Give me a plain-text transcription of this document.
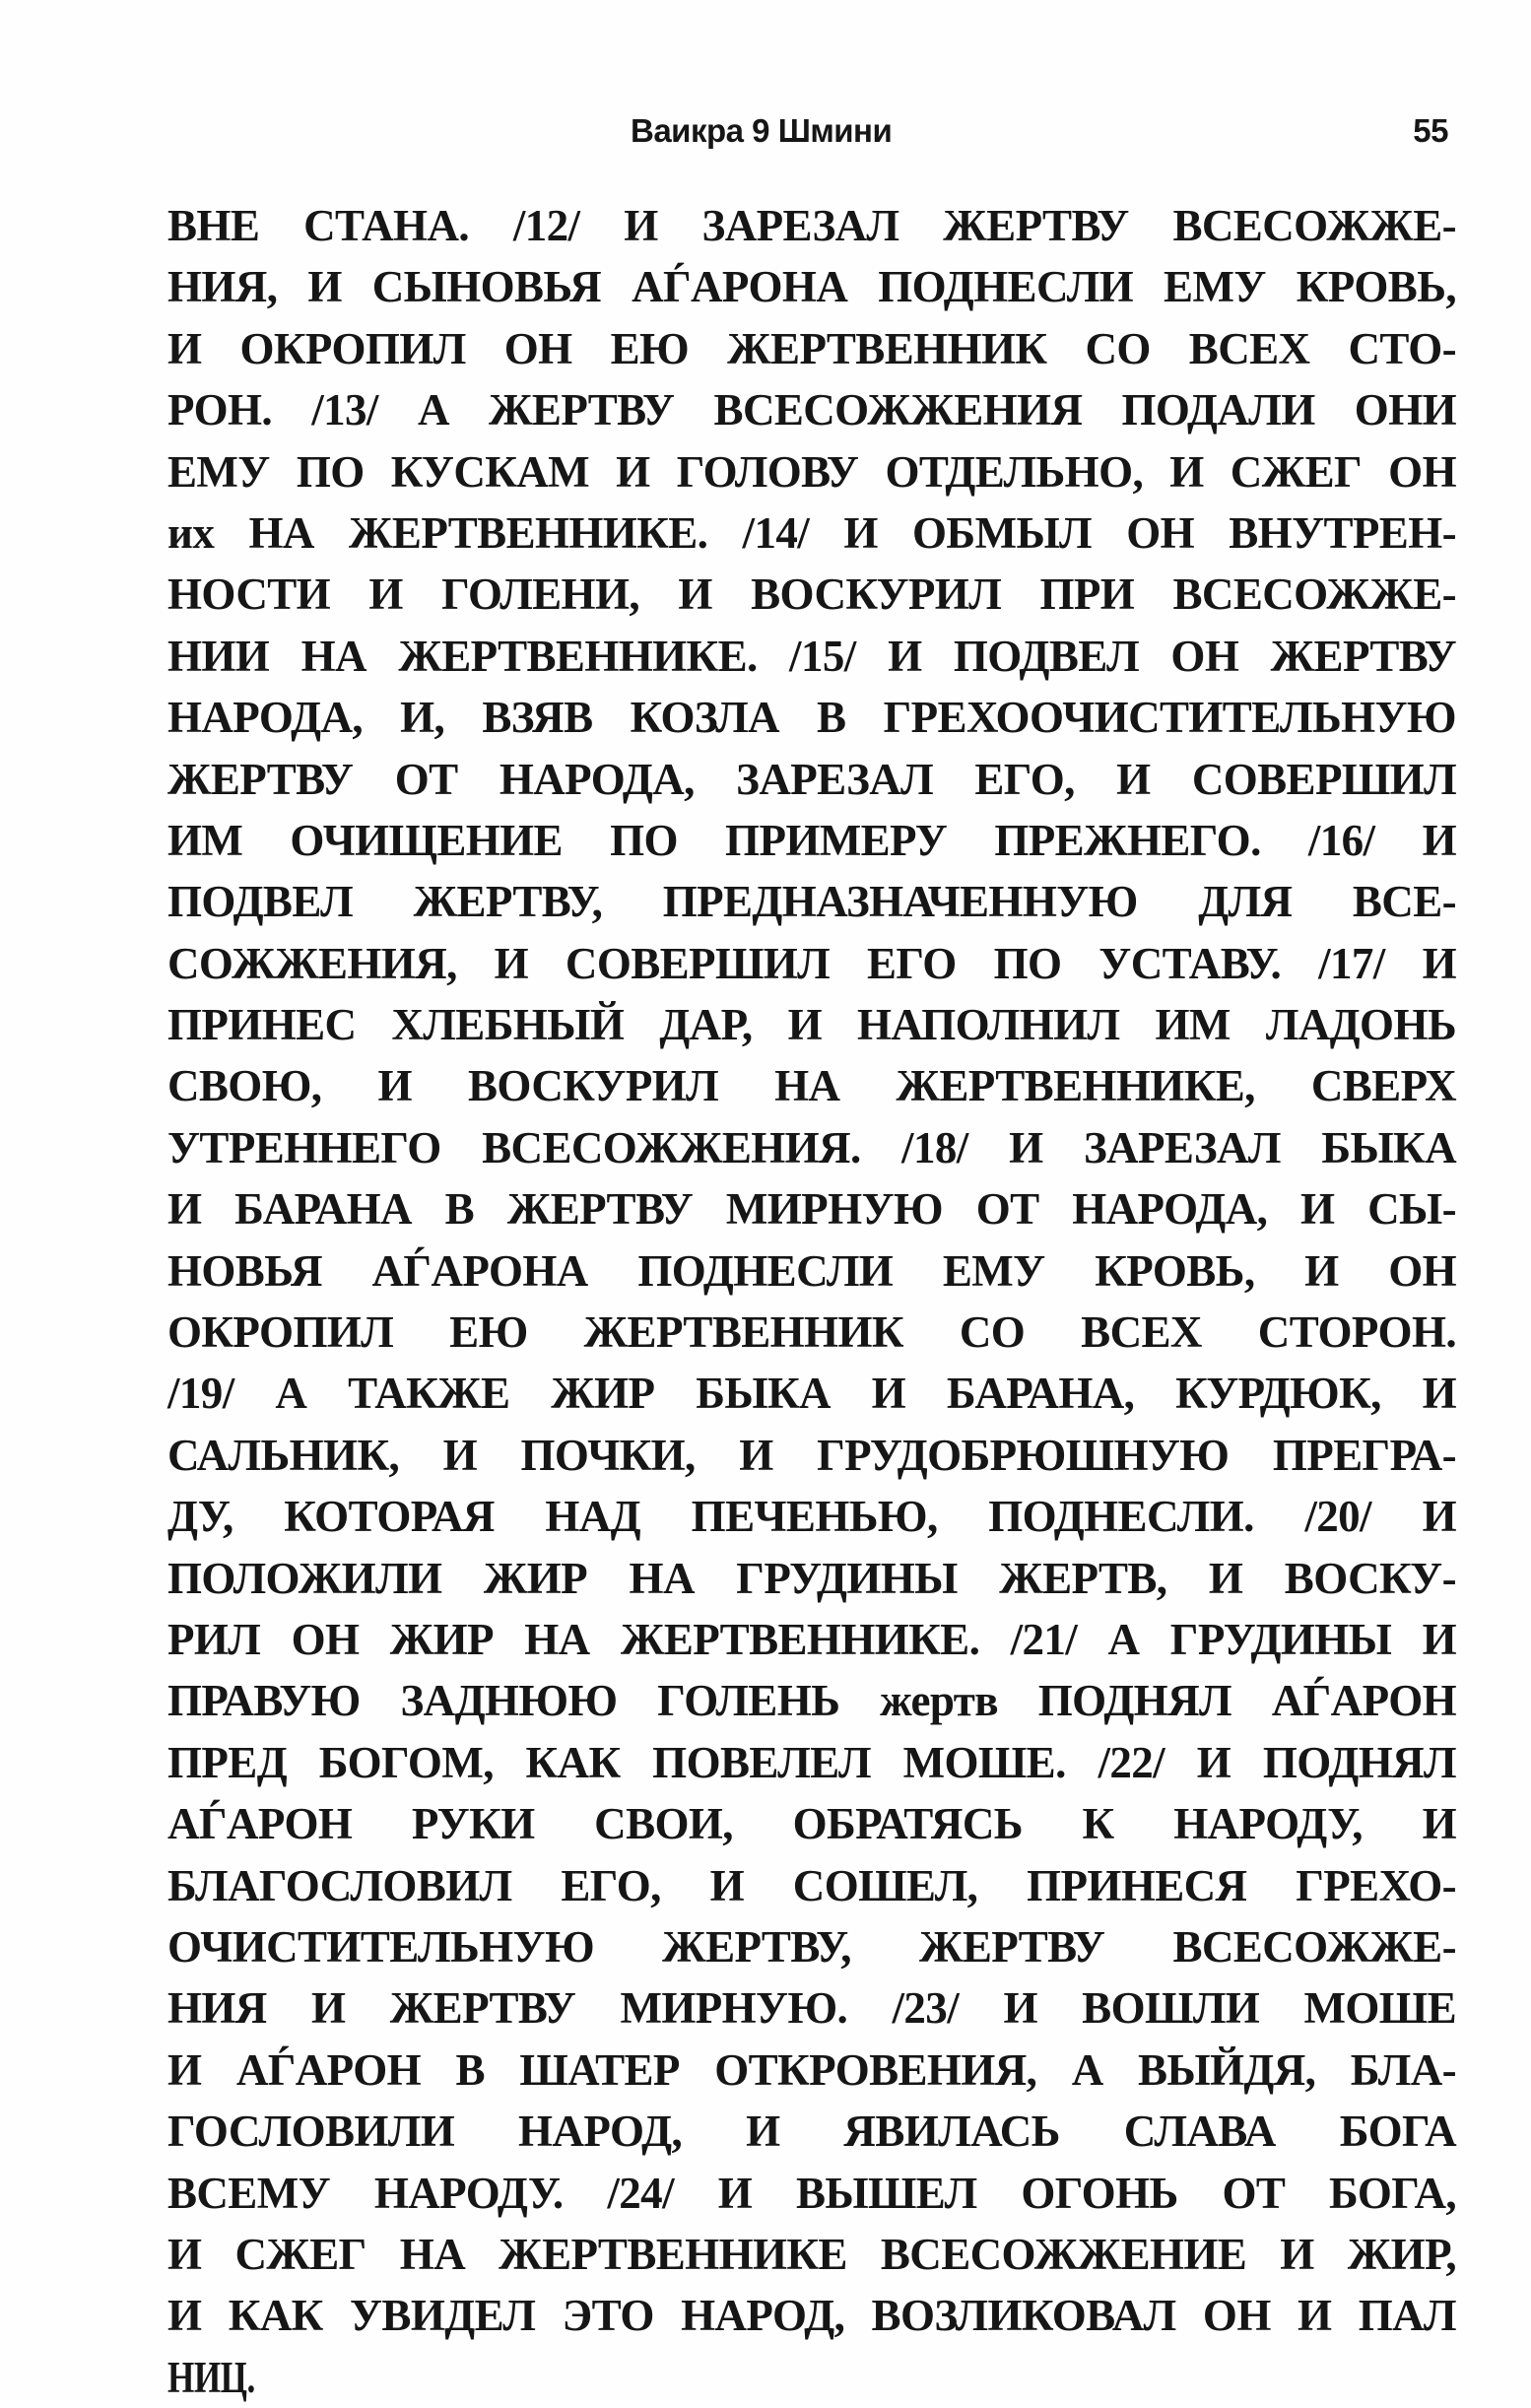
Ваикра 9 Шмини	55
ВНЕ СТАНА. /12/ И ЗАРЕЗАЛ ЖЕРТВУ ВСЕСОЖЖЕ-
НИЯ, И СЫНОВЬЯ АЃАРОНА ПОДНЕСЛИ ЕМУ КРОВЬ,
И ОКРОПИЛ ОН ЕЮ ЖЕРТВЕННИК СО ВСЕХ СТО-
РОН. /13/ А ЖЕРТВУ ВСЕСОЖЖЕНИЯ ПОДАЛИ ОНИ
ЕМУ ПО КУСКАМ И ГОЛОВУ ОТДЕЛЬНО, И СЖЕГ ОН
их НА ЖЕРТВЕННИКЕ. /14/ И ОБМЫЛ ОН ВНУТРЕН-
НОСТИ И ГОЛЕНИ, И ВОСКУРИЛ ПРИ ВСЕСОЖЖЕ-
НИИ НА ЖЕРТВЕННИКЕ. /15/ И ПОДВЕЛ ОН ЖЕРТВУ
НАРОДА, И, ВЗЯВ КОЗЛА В ГРЕХООЧИСТИТЕЛЬНУЮ
ЖЕРТВУ ОТ НАРОДА, ЗАРЕЗАЛ ЕГО, И СОВЕРШИЛ
ИМ ОЧИЩЕНИЕ ПО ПРИМЕРУ ПРЕЖНЕГО. /16/ И
ПОДВЕЛ ЖЕРТВУ, ПРЕДНАЗНАЧЕННУЮ ДЛЯ ВСЕ-
СОЖЖЕНИЯ, И СОВЕРШИЛ ЕГО ПО УСТАВУ. /17/ И
ПРИНЕС ХЛЕБНЫЙ ДАР, И НАПОЛНИЛ ИМ ЛАДОНЬ
СВОЮ, И ВОСКУРИЛ НА ЖЕРТВЕННИКЕ, СВЕРХ
УТРЕННЕГО ВСЕСОЖЖЕНИЯ. /18/ И ЗАРЕЗАЛ БЫКА
И БАРАНА В ЖЕРТВУ МИРНУЮ ОТ НАРОДА, И СЫ-
НОВЬЯ АЃАРОНА ПОДНЕСЛИ ЕМУ КРОВЬ, И ОН
ОКРОПИЛ ЕЮ ЖЕРТВЕННИК СО ВСЕХ СТОРОН.
/19/ А ТАКЖЕ ЖИР БЫКА И БАРАНА, КУРДЮК, И
САЛЬНИК, И ПОЧКИ, И ГРУДОБРЮШНУЮ ПРЕГРА-
ДУ, КОТОРАЯ НАД ПЕЧЕНЬЮ, ПОДНЕСЛИ. /20/ И
ПОЛОЖИЛИ ЖИР НА ГРУДИНЫ ЖЕРТВ, И ВОСКУ-
РИЛ ОН ЖИР НА ЖЕРТВЕННИКЕ. /21/ А ГРУДИНЫ И
ПРАВУЮ ЗАДНЮЮ ГОЛЕНЬ жертв ПОДНЯЛ АЃАРОН
ПРЕД БОГОМ, КАК ПОВЕЛЕЛ МОШЕ. /22/ И ПОДНЯЛ
АЃАРОН РУКИ СВОИ, ОБРАТЯСЬ К НАРОДУ, И
БЛАГОСЛОВИЛ ЕГО, И СОШЕЛ, ПРИНЕСЯ ГРЕХО-
ОЧИСТИТЕЛЬНУЮ ЖЕРТВУ, ЖЕРТВУ ВСЕСОЖЖЕ-
НИЯ И ЖЕРТВУ МИРНУЮ. /23/ И ВОШЛИ МОШЕ
И АЃАРОН В ШАТЕР ОТКРОВЕНИЯ, А ВЫЙДЯ, БЛА-
ГОСЛОВИЛИ НАРОД, И ЯВИЛАСЬ СЛАВА БОГА
ВСЕМУ НАРОДУ. /24/ И ВЫШЕЛ ОГОНЬ ОТ БОГА,
И СЖЕГ НА ЖЕРТВЕННИКЕ ВСЕСОЖЖЕНИЕ И ЖИР,
И КАК УВИДЕЛ ЭТО НАРОД, ВОЗЛИКОВАЛ ОН И ПАЛ
НИЦ.
